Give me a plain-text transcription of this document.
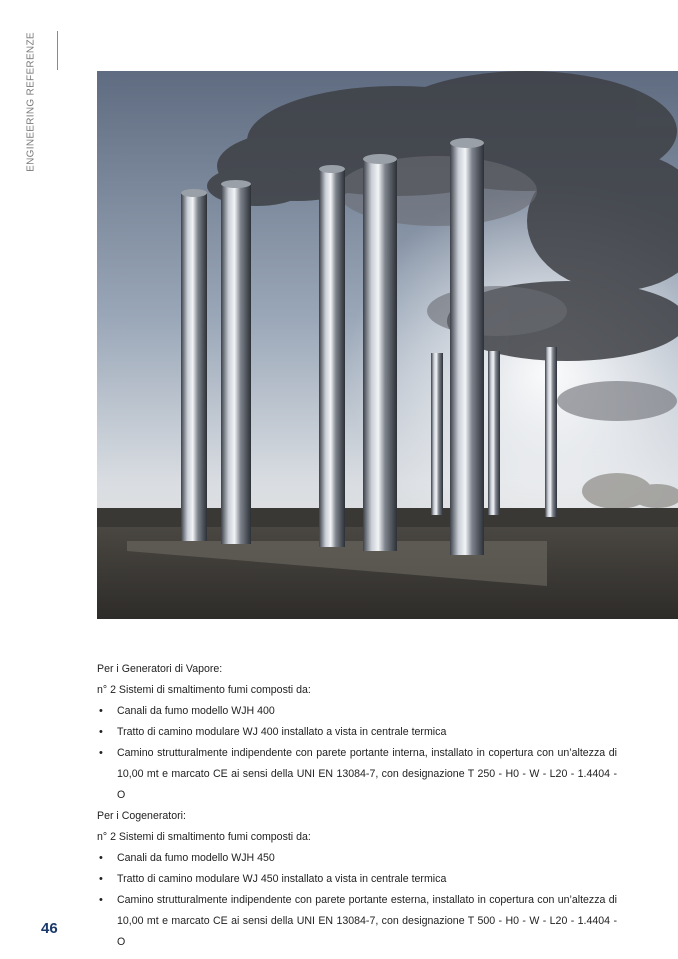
ENGINEERING REFERENZE

Per i Generatori di Vapore:

n° 2 Sistemi di smaltimento fumi composti da:

• Canali da fumo modello WJH 400
• Tratto di camino modulare WJ 400 installato a vista in centrale termica
• Camino strutturalmente indipendente con parete portante interna, installato in copertura con un’altezza di 10,00 mt e marcato CE ai sensi della UNI EN 13084-7, con designazione T 250 - H0 - W - L20 - 1.4404 - O

Per i Cogeneratori:

n° 2 Sistemi di smaltimento fumi composti da:

• Canali da fumo modello WJH 450
• Tratto di camino modulare WJ 450 installato a vista in centrale termica
• Camino strutturalmente indipendente con parete portante esterna, installato in copertura con un’altezza di 10,00 mt e marcato CE ai sensi della UNI EN 13084-7, con designazione T 500 - H0 - W - L20 - 1.4404 - O
46
